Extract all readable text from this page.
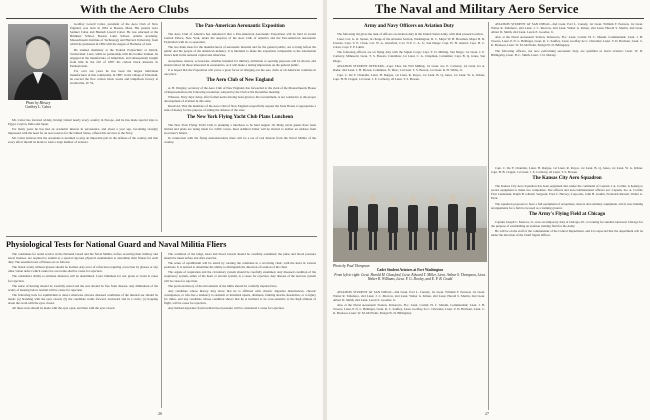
With the Aero Clubs
Photo by Blessey
Godfrey L. Cabot

Godfrey Lowell Cabot, president of the Aero Club of New England, was born in 1861 at Boston, Mass. His parents were Samuel Cabot and Hannah Lowell Cabot. He was educated at the Brimmer School, Boston Latin School, Adams Academy, Massachusetts Institute of Technology and Harvard University, from which he graduated in 1882 with the degree of Bachelor of Arts.

He studied chemistry at the Federal Polytechnic at Zurich, Switzerland. Later, while in partnership with his brother Samuel, he engaged in the manufacture of lampblack, and subsequently bought from him in the fall of 1887 his carbon black interests in Pennsylvania.

For over ten years he has been the largest individual manufacturer of this commodity. In 1887, in the village of Elizabeth, he erected the first carbon black works and lampblack factory at Grantsville, W. Va.

Mr. Cabot has traveled widely, having visited nearly every country in Europe, and he has made special trips to Egypt, Ceylon, India and Japan.

For many years he has had an academic interest in aeronautics, and about a year ago, becoming strongly impressed with the need for an aero reserve for the United States, offered his services to the Navy.

Mr. Cabot believes that the aeroplane is destined to play an important part in the defense of the country and that every effort should be made to train a large number of aviators.

The Pan-American Aeronautic Exposition

The Aero Club of America has announced that a Pan-American Aeronautic Exposition will be held in Grand Central Palace, New York, under the auspices of the Aero Club of America and the Pan-American Aeronautic Federation with its co-operation.

The two main ideas for the manufacturers of aeronautic material and for the general public, are to bring before the public and the people of the American industry. It is intended to make the exposition comparable to the automobile shows held in the national capital and otherwise.

Aeroplanes, motors, accessories, whether intended for military, utilitarian or sporting purposes will be shown, and should attract all those interested in aeronautics, as it will make a lasting impression on the general public.

It is hoped that the Exposition will prove a great factor in bringing out the aero clubs of all American countries in one place.

The Aero Club of New England

A. H. Weigley, secretary of the Aero Club of New England, has forwarded to the clerk of the Massachusetts House of Representatives the following resolution, adopted by the Club at the December meeting:

Whereas, Sixty days' delay, after formal notice having been given to the Government, is not conducive to the proper development of aviation in this state;

Resolved, That the members of the Aero Club of New England respectfully request the State House to appropriate a sum of money for the purpose of aiding the defense of the state.

The New York Flying Yacht Club Plans Luncheon

The New York Flying Yacht Club is planning a luncheon to be held August 18. Many naval guests have been invited and plans are being made for 2,000 covers. Rear Admiral Usher will be invited to deliver an address from Governor's Island.

In connection with the flying demonstrations there will be a tea of real interest from the Naval Militia of the country.

Physiological Tests for National Guard and Naval Militia Fliers

The candidates for aerial service in the National Guard and the Naval Militia, before receiving their military and naval licenses, are required to submit to a special rigorous physical examination to determine their fitness for such duty. The essential tests of fitness are as follows:

The visual acuity without glasses should be normal. Any error of refraction requiring correction by glasses or any other vision defect which cannot be overcome shall be cause for rejection.

The candidate's ability to estimate distances will be determined. Color blindness for red, green or violet is cause for rejection.

The sense of hearing should be carefully tested and the ears should be free from disease. Any diminution of the acuity of hearing below normal will be cause for rejection.

The following tests for equilibrium to detect otherwise obscure diseased conditions of the internal ear should be made: (a) Standing with the eyes closed; (b) the candidate walks forward, backward and in a circle; (c) hopping about the room with the eyes closed.

All these tests should be made with the eyes open, and then with the eyes closed.

The condition of the lungs, heart and blood vessels should be carefully examined; the pulse and blood pressure should be taken before and after exercise.

The sense of equilibrium will be tested by rotating the candidate in a revolving chair, with the head in various positions. It is desired to determine the ability to distinguish the direction of rotation of the chair.

The organs of respiration and the circulatory system should be carefully examined. Any diseased condition of the respiratory system, either of the heart or arterial system, is a cause for rejection. Any disease of the nervous system will be cause for rejection.

The previous history of the movements of the limbs should be carefully inquired into.

Any candidate whose history may show that he is afflicted with chronic digestive disturbances, chronic constipation, or who has a tendency to stomach or intestinal upsets, dizziness, fainting attacks, headaches, or to injury for times, and any candidate whose condition shows that he is inclined to be over-sensitive to the high altitude of flight, will be cause for rejection.

Any marked departure from normal blood pressure will be considered a cause for rejection.

26
The Naval and Military Aero Service
Army and Navy Officers on Aviation Duty

The following list gives the rank of officers on aviation duty in the United States Army, with their present location.

Lieut. Col. G. O. Squier, in charge of the Aviation Section, Washington, D. C. Major W. H. Bowman, Major B. D. Foulois, Capt. V. E. Clark, Col. W. A. Glassford, C.O. N.Y. C. A. S.; San Diego: Capt. H. H. Arnold, Capt. H. C. Carter, Capt. F. P. Lahm.

The following officers are on flying duty with the Signal Corps: Capt. T. D. Milling, San Diego; 1st Lieut. J. E. Carberry, Minneola; Lieut. T. S. Bowen, Columbus; 1st Lieut. C. G. Chapman, Columbus; Capt. B. Q. Jones, San Diego.

AVIATION STUDENT OFFICERS—Capt. Thos. De Witt Milling, 1st Lieut. Jos. E. Carberry, 1st Lieut. Ira A. Rader, 2nd Lieut. J. H. Brown, Columbus, N. Mex.; 1st Lieut. T. S. Bowen, 1st Lieut. R. H. Willis, Jr.

Capt. C. De F. Chandler, Lieut. H. Dargue, 1st Lieut. R. Royce, 1st Lieut. B. Q. Jones, 1st Lieut. W. G. Kilner, Capt. H. B. Clagett, 1st Lieut. J. E. Carberry, 2d Lieut. T. S. Bowen.

AVIATION STUDENT AT SAN DIEGO—2nd Lieut. Earl L. Canady, 1st Lieut. William F. Pearson, 1st Lieut. Walter R. Taliaferro, 2nd Lieut. J. C. Morrow, 2nd Lieut. Walter G. Kilner, 2nd Lieut. Harold S. Martin, 2nd Lieut. Albert D. Smith, 2nd Lieut. Lewis E. Goodier, Jr.

Also at the Naval Aeronautic Station, Pensacola, Fla.: Lieut. Comdr. H. C. Mustin, Commandant; Lieut. J. H. Towers, Lieut. P. N. L. Bellinger, Lieut. R. C. Saufley, Lieut. Godfrey de C. Chevalier, Lieut. V. D. Herbster, Lieut. C. K. Bronson, Lieut. W. M. McIlvain, Ensign W. D. Billingsley.

The following officers, not now performing aeronautic duty, are qualified as naval aviators: Lieut. W. D. Billingsley, Lieut. B. L. Smith, Lieut. J. D. Murray.

Photo by Paul Thompson
Cadet Student Aviators at Fort Washington
From left to right: Lieut. Harold M. Glassford, Lieut. Edward T. Miller, Lieut. Arthur S. Thompson, Lieut. Walter R. Williams, Lieut. F. G. Dooley, and E. F. B. Gould

AVIATION STUDENT AT SAN DIEGO—2nd Lieut. Earl L. Canady, 1st Lieut. William F. Pearson, 1st Lieut. Walter R. Taliaferro, 2nd Lieut. J. C. Morrow, 2nd Lieut. Walter G. Kilner, 2nd Lieut. Harold S. Martin, 2nd Lieut. Albert D. Smith, 2nd Lieut. Lewis E. Goodier, Jr.

Also at the Naval Aeronautic Station, Pensacola, Fla.: Lieut. Comdr. H. C. Mustin, Commandant; Lieut. J. H. Towers, Lieut. P. N. L. Bellinger, Lieut. R. C. Saufley, Lieut. Godfrey de C. Chevalier, Lieut. V. D. Herbster, Lieut. C. K. Bronson, Lieut. W. M. McIlvain, Ensign W. D. Billingsley.

Capt. C. De F. Chandler, Lieut. H. Dargue, 1st Lieut. R. Royce, 1st Lieut. B. Q. Jones, 1st Lieut. W. G. Kilner, Capt. H. B. Clagett, 1st Lieut. J. E. Carberry, 2d Lieut. T. S. Bowen.

The Kansas City Aero Squadron

The Kansas City Aero Squadron has been organized and, under the command of Captain J. A. Corbin, is hoping to secure equipment to make two companies. The officers and non-commissioned officers are: Captain, Jos. A. Corbin; First Lieutenant, Ralph B. Ghezzi; Sergeant, Fred C. Harvey; Corporals, John H. Grahm, Frederick Russell, Walter G. Peck.

The squadron proposes to have a full equipment of aeroplanes, motors and auxiliary equipment, and is now making arrangements for a field to be used as a training ground.

The Army's Flying Field at Chicago

Captain Joseph C. Morrow, Jr., now on temporary duty at Chicago, Ill., is looking for suitable land near Chicago for the purpose of establishing an aviation training field for the Army.

He will be on the staff of the commandant of the Central Department, and it is expected that the department will be under the direction of the Chief Signal Officer.

27
